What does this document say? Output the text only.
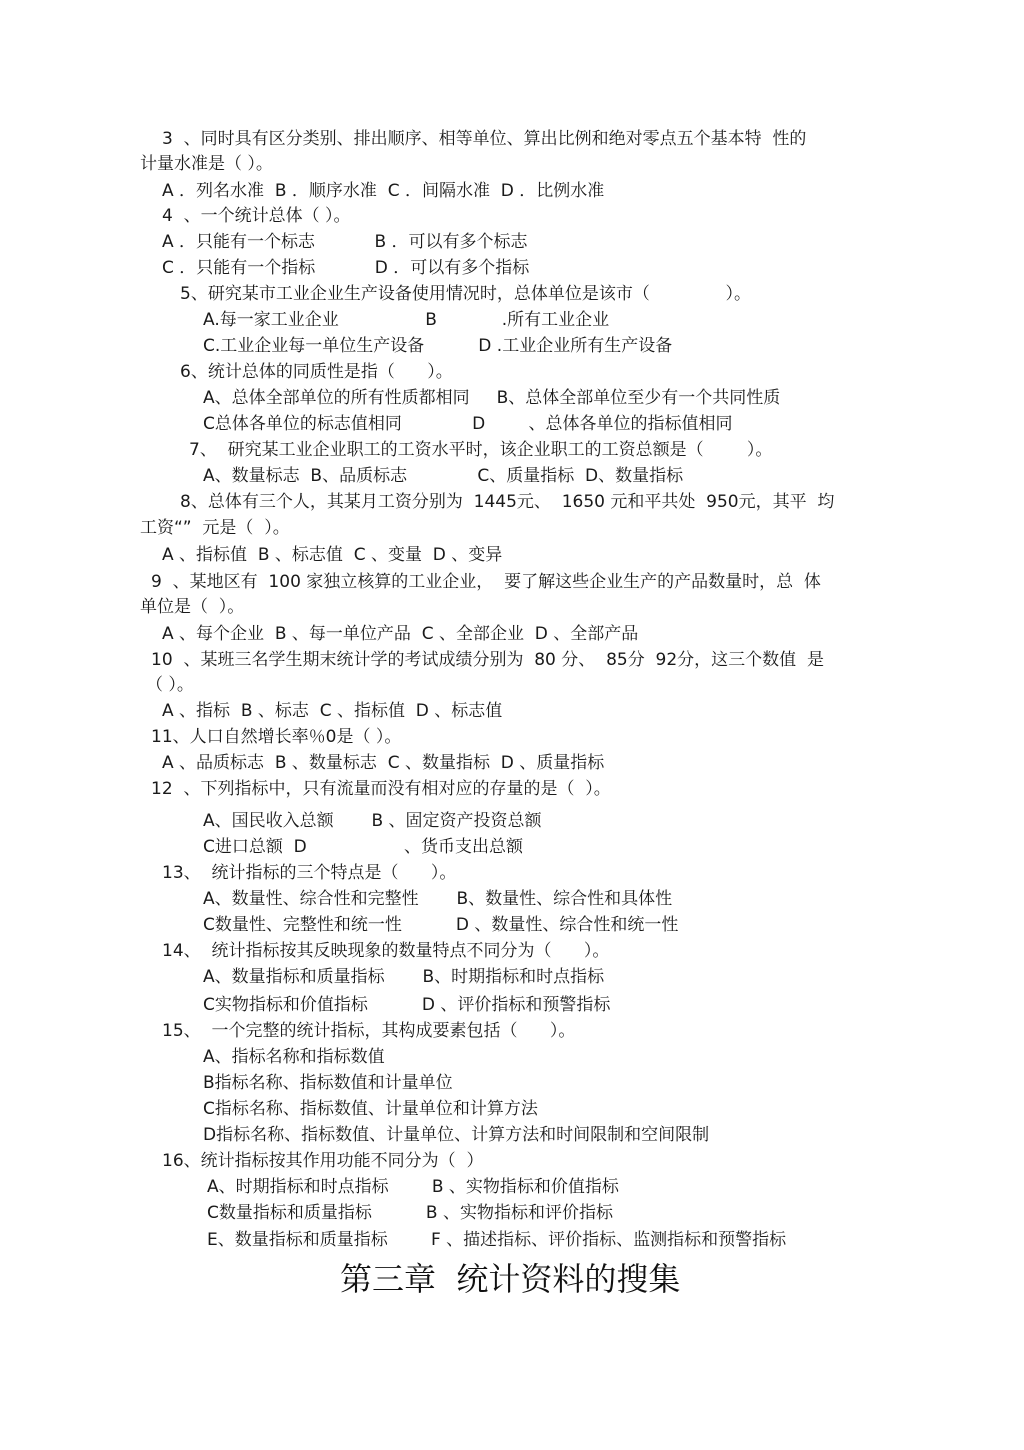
3  、同时具有区分类别、排出顺序、相等单位、算出比例和绝对零点五个基本特  性的
计量水准是（ ）。
A ．列名水准  B ．顺序水准  C ．间隔水准  D ．比例水准
4  、一个统计总体（ ）。
A ．只能有一个标志           B ．可以有多个标志
C ．只能有一个指标           D ．可以有多个指标
5、研究某市工业企业生产设备使用情况时，总体单位是该市（              ）。
A.每一家工业企业                B            .所有工业企业
C.工业企业每一单位生产设备          D .工业企业所有生产设备
6、统计总体的同质性是指（      ）。
A、总体全部单位的所有性质都相同     B、总体全部单位至少有一个共同性质
C总体各单位的标志值相同             D        、总体各单位的指标值相同
7、  研究某工业企业职工的工资水平时，该企业职工的工资总额是（        ）。
A、数量标志  B、品质标志             C、质量指标  D、数量指标
8、总体有三个人，其某月工资分别为  1445元、  1650 元和平共处  950元，其平  均
工资“”  元是（  ）。
A 、指标值  B 、标志值  C 、变量  D 、变异
9  、某地区有  100 家独立核算的工业企业，  要了解这些企业生产的产品数量时，总  体
单位是（  ）。
A 、每个企业  B 、每一单位产品  C 、全部企业  D 、全部产品
10  、某班三名学生期末统计学的考试成绩分别为  80 分、  85分  92分，这三个数值  是
（ ）。
A 、指标  B 、标志  C 、指标值  D 、标志值
11、人口自然增长率％0是（ ）。
A 、品质标志  B 、数量标志  C 、数量指标  D 、质量指标
12  、下列指标中，只有流量而没有相对应的存量的是（  ）。
A、国民收入总额       B 、固定资产投资总额
C进口总额  D                  、货币支出总额
13、  统计指标的三个特点是（      ）。
A、数量性、综合性和完整性       B、数量性、综合性和具体性
C数量性、完整性和统一性          D 、数量性、综合性和统一性
14、  统计指标按其反映现象的数量特点不同分为（      ）。
A、数量指标和质量指标       B、时期指标和时点指标
C实物指标和价值指标          D 、评价指标和预警指标
15、  一个完整的统计指标，其构成要素包括（      ）。
A、指标名称和指标数值
B指标名称、指标数值和计量单位
C指标名称、指标数值、计量单位和计算方法
D指标名称、指标数值、计量单位、计算方法和时间限制和空间限制
16、统计指标按其作用功能不同分为（  ）
A、时期指标和时点指标        B 、实物指标和价值指标
C数量指标和质量指标          B 、实物指标和评价指标
E、数量指标和质量指标        F 、描述指标、评价指标、监测指标和预警指标
第三章  统计资料的搜集
